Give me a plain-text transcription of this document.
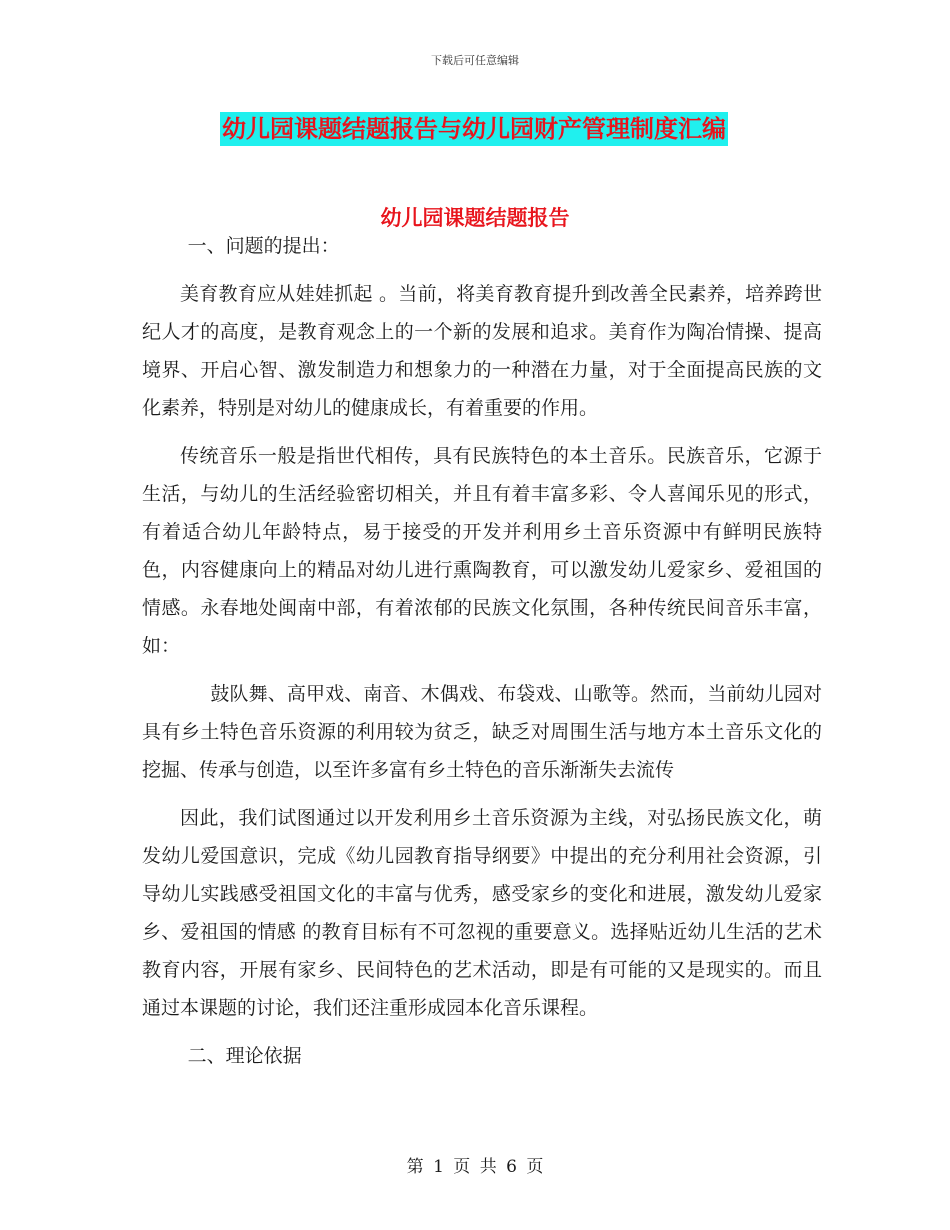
下载后可任意编辑
幼儿园课题结题报告与幼儿园财产管理制度汇编
幼儿园课题结题报告

一、问题的提出：

美育教育应从娃娃抓起 。当前，将美育教育提升到改善全民素养，培养跨世纪人才的高度，是教育观念上的一个新的发展和追求。美育作为陶冶情操、提高境界、开启心智、激发制造力和想象力的一种潜在力量，对于全面提高民族的文化素养，特别是对幼儿的健康成长，有着重要的作用。

传统音乐一般是指世代相传，具有民族特色的本土音乐。民族音乐，它源于生活，与幼儿的生活经验密切相关，并且有着丰富多彩、令人喜闻乐见的形式，有着适合幼儿年龄特点，易于接受的开发并利用乡土音乐资源中有鲜明民族特色，内容健康向上的精品对幼儿进行熏陶教育，可以激发幼儿爱家乡、爱祖国的情感。永春地处闽南中部，有着浓郁的民族文化氛围，各种传统民间音乐丰富，如：

鼓队舞、高甲戏、南音、木偶戏、布袋戏、山歌等。然而，当前幼儿园对具有乡土特色音乐资源的利用较为贫乏，缺乏对周围生活与地方本土音乐文化的挖掘、传承与创造，以至许多富有乡土特色的音乐渐渐失去流传

因此，我们试图通过以开发利用乡土音乐资源为主线，对弘扬民族文化，萌发幼儿爱国意识，完成《幼儿园教育指导纲要》中提出的充分利用社会资源，引导幼儿实践感受祖国文化的丰富与优秀，感受家乡的变化和进展，激发幼儿爱家乡、爱祖国的情感 的教育目标有不可忽视的重要意义。选择贴近幼儿生活的艺术教育内容，开展有家乡、民间特色的艺术活动，即是有可能的又是现实的。而且通过本课题的讨论，我们还注重形成园本化音乐课程。

二、理论依据

第 1 页 共 6 页
